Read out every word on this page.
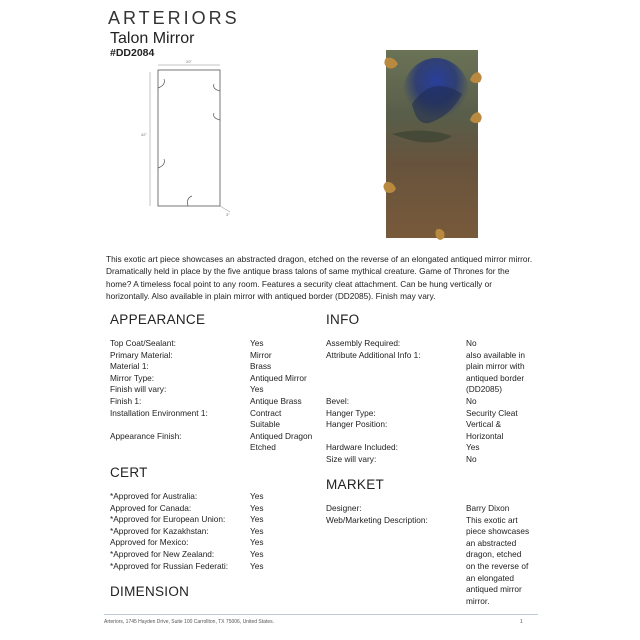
ARTERIORS
Talon Mirror
#DD2084
20"
42"
3"
This exotic art piece showcases an abstracted dragon, etched on the reverse of an elongated antiqued mirror mirror. Dramatically held in place by the five antique brass talons of same mythical creature. Game of Thrones for the home? A timeless focal point to any room. Features a security cleat attachment. Can be hung vertically or horizontally. Also available in plain mirror with antiqued border (DD2085). Finish may vary.
APPEARANCE
Top Coat/Sealant:	Yes
Primary Material:	Mirror
Material 1:	Brass
Mirror Type:	Antiqued Mirror
Finish will vary:	Yes
Finish 1:	Antique Brass
Installation Environment 1:	Contract Suitable
Appearance Finish:	Antiqued Dragon Etched
CERT
*Approved for Australia:	Yes
Approved for Canada:	Yes
*Approved for European Union:	Yes
*Approved for Kazakhstan:	Yes
Approved for Mexico:	Yes
*Approved for New Zealand:	Yes
*Approved for Russian Federati:	Yes
DIMENSION
INFO
Assembly Required:	No
Attribute Additional Info 1:	also available in plain mirror with antiqued border (DD2085)
Bevel:	No
Hanger Type:	Security Cleat
Hanger Position:	Vertical & Horizontal
Hardware Included:	Yes
Size will vary:	No
MARKET
Designer:	Barry Dixon
Web/Marketing Description:	This exotic art piece showcases an abstracted dragon, etched on the reverse of an elongated antiqued mirror mirror.
Arteriors, 1745 Hayden Drive, Suite 100 Carrollton, TX 75006, United States.	1
